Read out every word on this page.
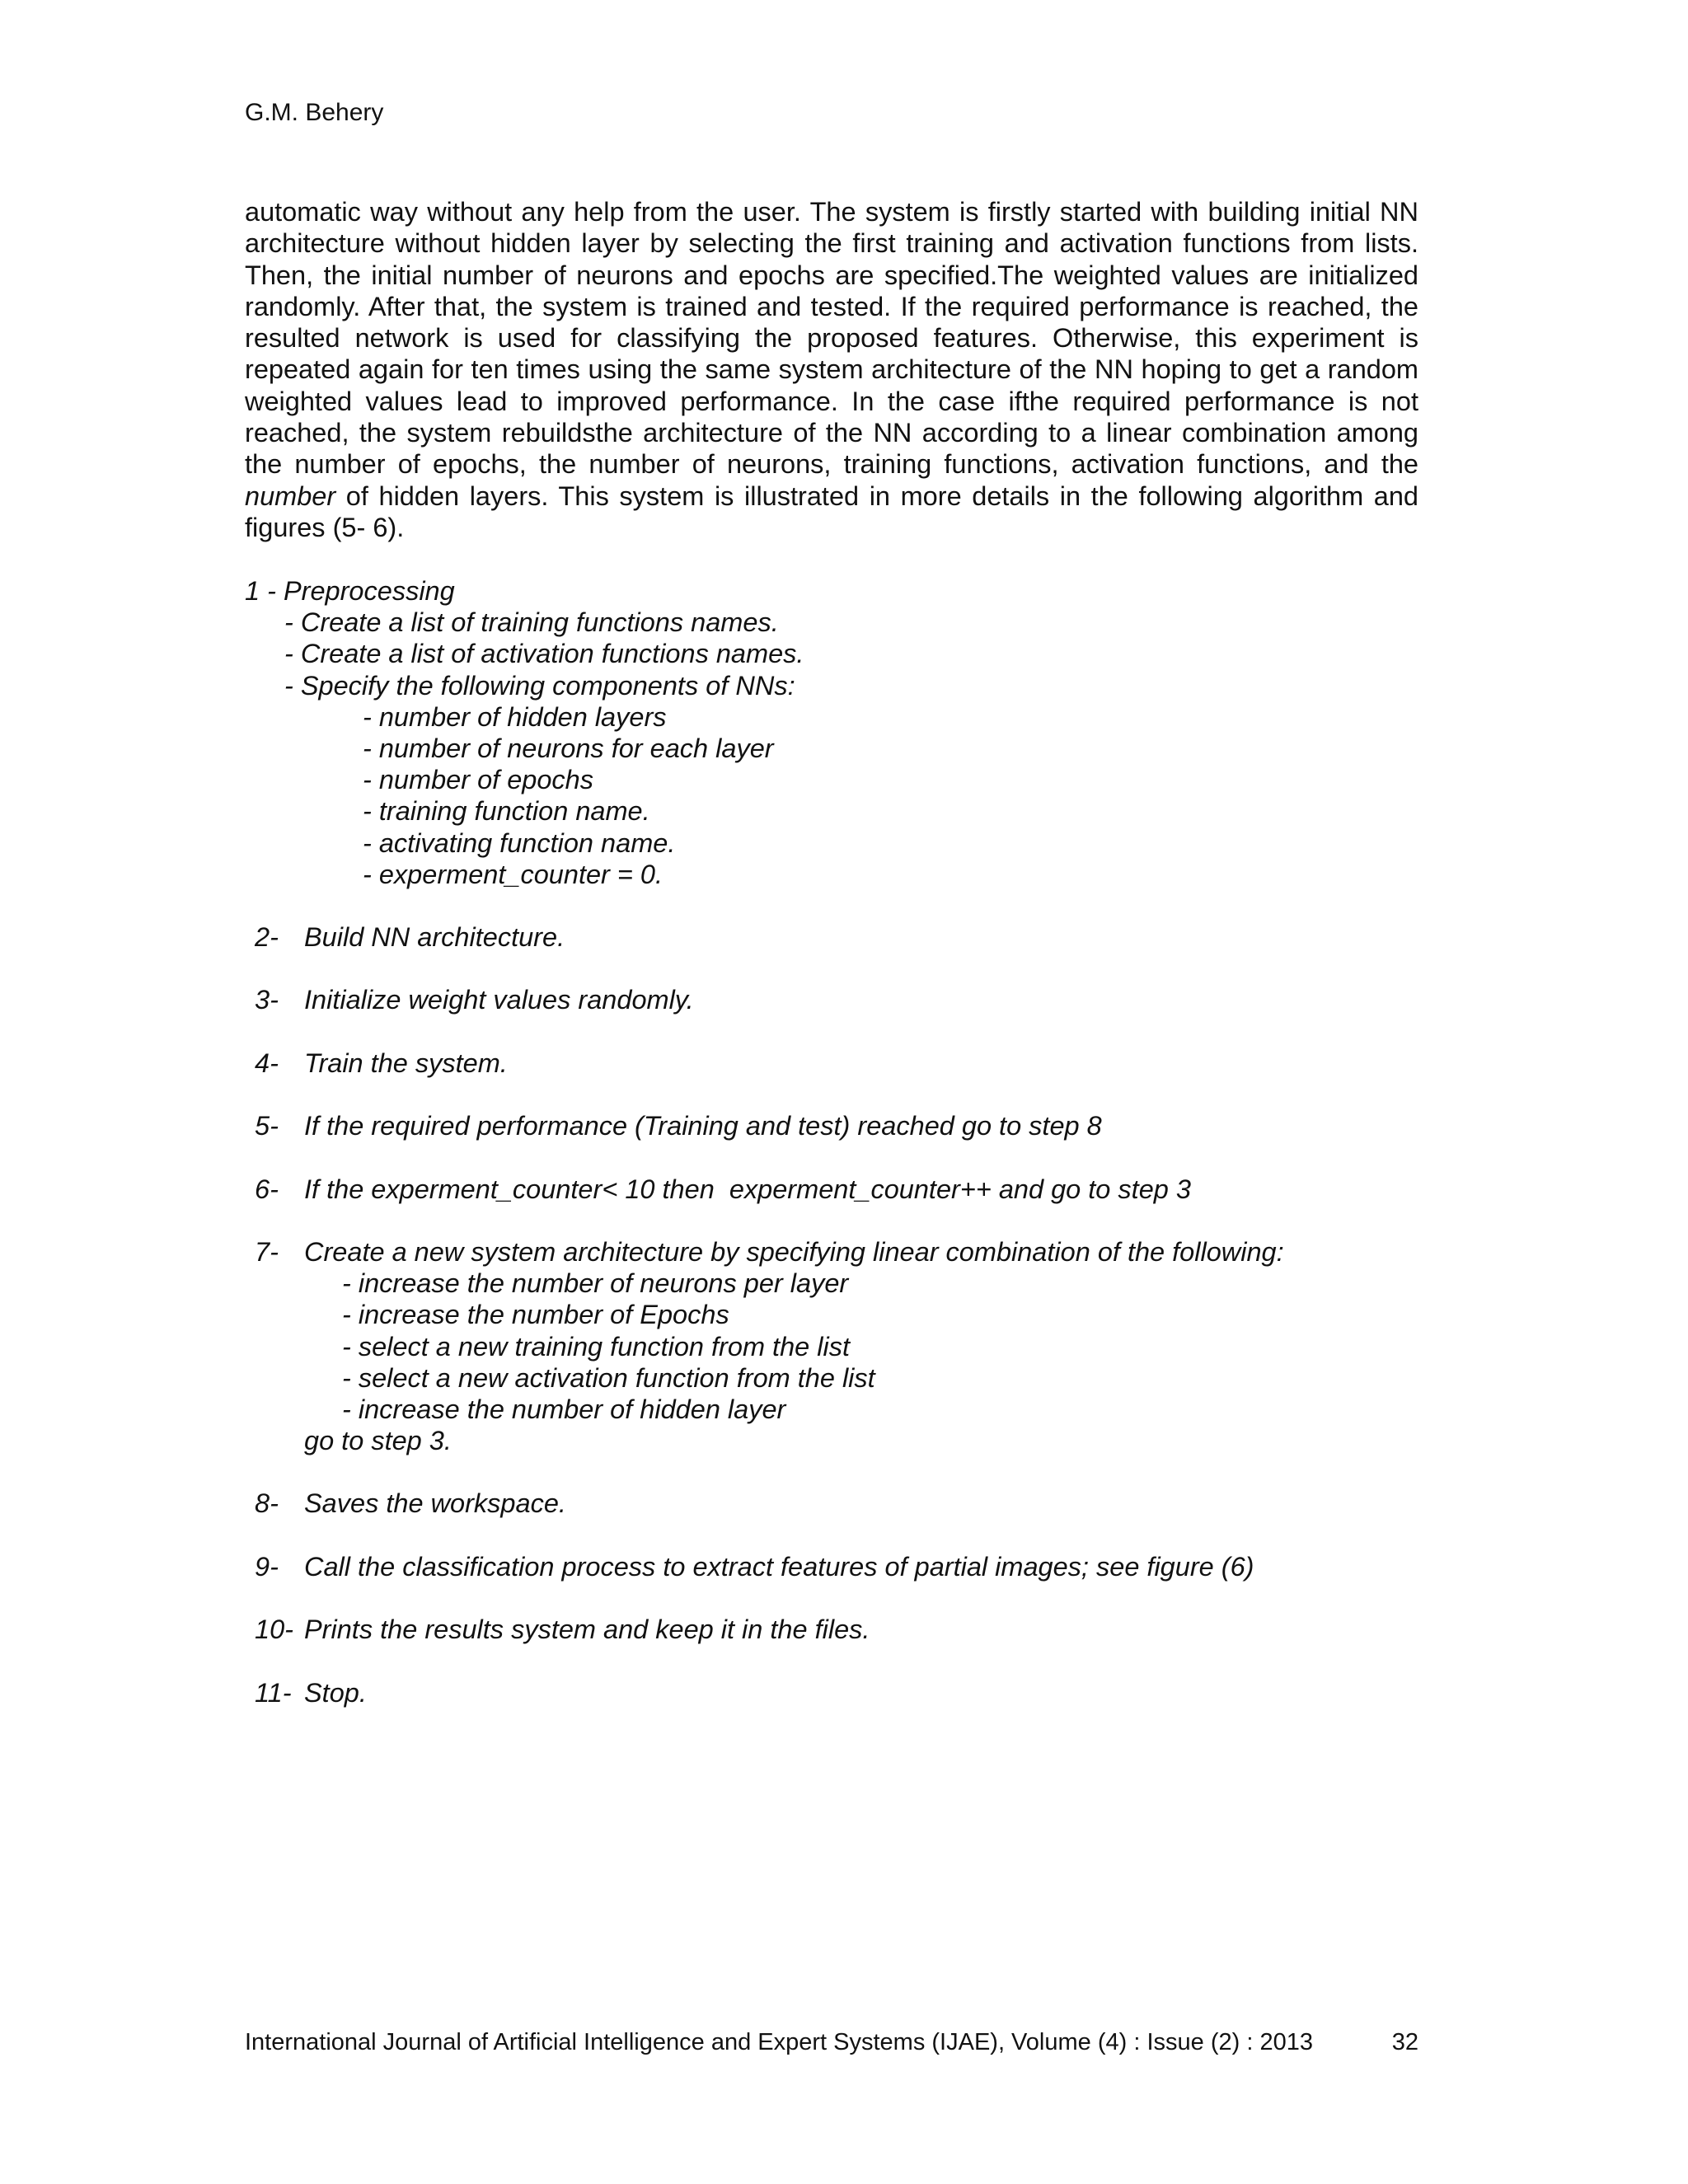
G.M. Behery

automatic way without any help from the user. The system is firstly started with building initial NN architecture without hidden layer by selecting the first training and activation functions from lists. Then, the initial number of neurons and epochs are specified.The weighted values are initialized randomly. After that, the system is trained and tested. If the required performance is reached, the resulted network is used for classifying the proposed features. Otherwise, this experiment is repeated again for ten times using the same system architecture of the NN hoping to get a random weighted values lead to improved performance. In the case ifthe required performance is not reached, the system rebuildsthe architecture of the NN according to a linear combination among the number of epochs, the number of neurons, training functions, activation functions, and the number of hidden layers. This system is illustrated in more details in the following algorithm and figures (5- 6).

1 - Preprocessing
- Create a list of training functions names.
- Create a list of activation functions names.
- Specify the following components of NNs:
- number of hidden layers
- number of neurons for each layer
- number of epochs
- training function name.
- activating function name.
- experment_counter = 0.
2- Build NN architecture.
3- Initialize weight values randomly.
4- Train the system.
5- If the required performance (Training and test) reached go to step 8
6- If the experment_counter< 10 then  experment_counter++ and go to step 3
7- Create a new system architecture by specifying linear combination of the following:
- increase the number of neurons per layer
- increase the number of Epochs
- select a new training function from the list
- select a new activation function from the list
- increase the number of hidden layer
go to step 3.
8- Saves the workspace.
9- Call the classification process to extract features of partial images; see figure (6)
10- Prints the results system and keep it in the files.
11- Stop.
International Journal of Artificial Intelligence and Expert Systems (IJAE), Volume (4) : Issue (2) : 2013	32
